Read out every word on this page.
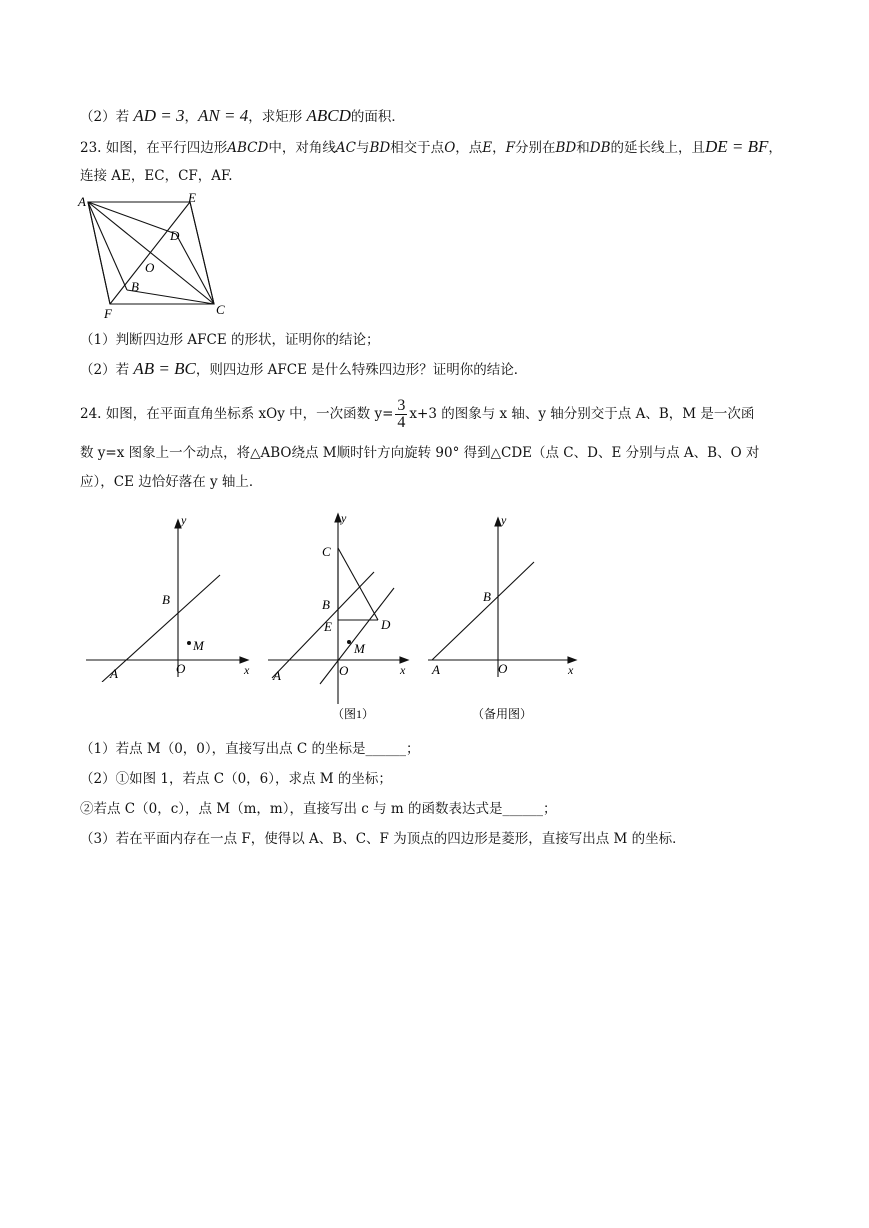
（2）若 AD = 3，AN = 4，求矩形 ABCD的面积．
23. 如图，在平行四边形ABCD中，对角线AC与BD相交于点O，点E，F分别在BD和DB的延长线上，且DE = BF，
连接 AE，EC，CF，AF.
A	E
D
O
B
F	C
（1）判断四边形 AFCE 的形状，证明你的结论；
（2）若 AB = BC，则四边形 AFCE 是什么特殊四边形？证明你的结论．
24. 如图，在平面直角坐标系 xOy 中，一次函数 $y= \frac{3}{4} x+3$ 的图象与 x 轴、y 轴分别交于点 A、B，M 是一次函
数 y=x 图象上一个动点，将△ABO绕点 M顺时针方向旋转 90° 得到△CDE（点 C、D、E 分别与点 A、B、O 对
应），CE 边恰好落在 y 轴上．
y
x
B
A	O
M
y
x
C
B
E	D
A	O
M
（图1）
y
x
B
A	O
（备用图）
（1）若点 M（0，0），直接写出点 C 的坐标是______；
（2）①如图 1，若点 C（0，6），求点 M 的坐标；
②若点 C（0，c），点 M（m，m），直接写出 c 与 m 的函数表达式是______；
（3）若在平面内存在一点 F，使得以 A、B、C、F 为顶点的四边形是菱形，直接写出点 M 的坐标．
